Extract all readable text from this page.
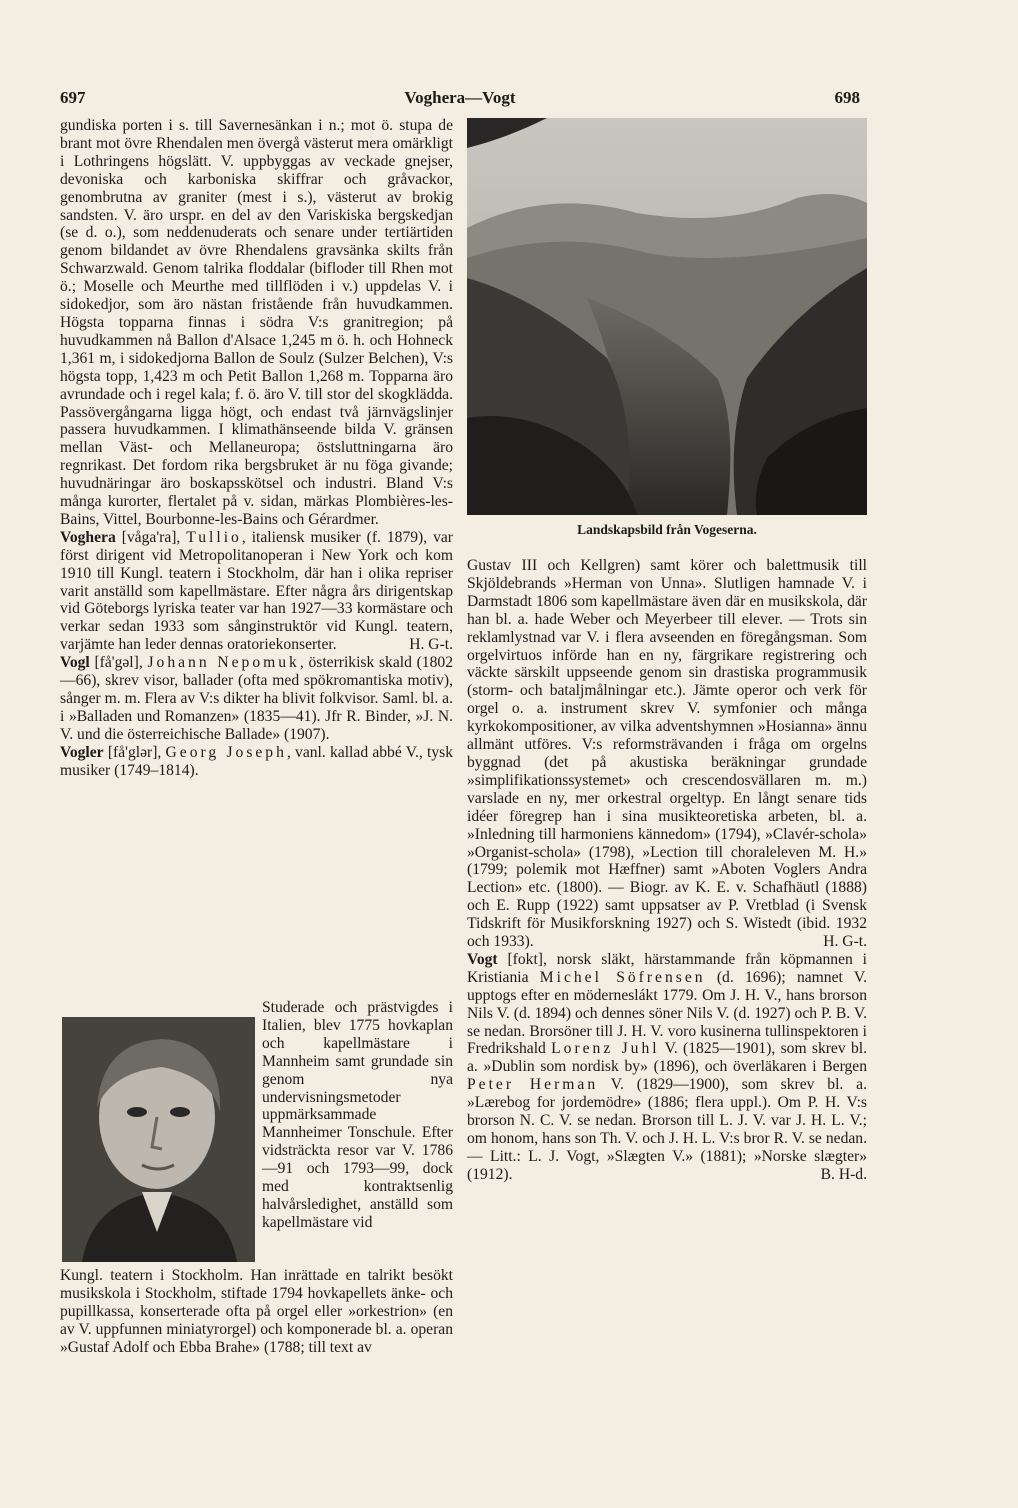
697	Voghera—Vogt	698
Landskapsbild från Vogeserna.

gundiska porten i s. till Savernesänkan i n.; mot ö. stupa de brant mot övre Rhendalen men övergå västerut mera omärkligt i Lothringens högslätt. V. uppbyggas av veckade gnejser, devoniska och karboniska skiffrar och gråvackor, genombrutna av graniter (mest i s.), västerut av brokig sandsten. V. äro urspr. en del av den Variskiska bergskedjan (se d. o.), som neddenuderats och senare under tertiärtiden genom bildandet av övre Rhendalens gravsänka skilts från Schwarzwald. Genom talrika floddalar (bifloder till Rhen mot ö.; Moselle och Meurthe med tillflöden i v.) uppdelas V. i sidokedjor, som äro nästan fristående från huvudkammen. Högsta topparna finnas i södra V:s granitregion; på huvudkammen nå Ballon d'Alsace 1,245 m ö. h. och Hohneck 1,361 m, i sidokedjorna Ballon de Soulz (Sulzer Belchen), V:s högsta topp, 1,423 m och Petit Ballon 1,268 m. Topparna äro avrundade och i regel kala; f. ö. äro V. till stor del skogklädda. Passövergångarna ligga högt, och endast två järnvägslinjer passera huvudkammen. I klimathänseende bilda V. gränsen mellan Väst- och Mellaneuropa; östsluttningarna äro regnrikast. Det fordom rika bergsbruket är nu föga givande; huvudnäringar äro boskapsskötsel och industri. Bland V:s många kurorter, flertalet på v. sidan, märkas Plombières-les-Bains, Vittel, Bourbonne-les-Bains och Gérardmer.

Voghera [våga'ra], Tullio, italiensk musiker (f. 1879), var först dirigent vid Metropolitanoperan i New York och kom 1910 till Kungl. teatern i Stockholm, där han i olika repriser varit anställd som kapellmästare. Efter några års dirigentskap vid Göteborgs lyriska teater var han 1927—33 kormästare och verkar sedan 1933 som sånginstruktör vid Kungl. teatern, varjämte han leder dennas oratoriekonserter.	H. G-t.

Vogl [få'gəl], Johann Nepomuk, österrikisk skald (1802—66), skrev visor, ballader (ofta med spökromantiska motiv), sånger m. m. Flera av V:s dikter ha blivit folkvisor. Saml. bl. a. i »Balladen und Romanzen» (1835—41). Jfr R. Binder, »J. N. V. und die österreichische Ballade» (1907).

Vogler [få'glər], Georg Joseph, vanl. kallad abbé V., tysk musiker (1749–1814).

Studerade och prästvigdes i Italien, blev 1775 hovkaplan och kapellmästare i Mannheim samt grundade sin genom nya undervisningsmetoder uppmärksammade Mannheimer Tonschule. Efter vidsträckta resor var V. 1786—91 och 1793—99, dock med kontraktsenlig halvårsledighet, anställd som kapellmästare vid
Kungl. teatern i Stockholm. Han inrättade en talrikt besökt musikskola i Stockholm, stiftade 1794 hovkapellets änke- och pupillkassa, konserterade ofta på orgel eller »orkestrion» (en av V. uppfunnen miniatyrorgel) och komponerade bl. a. operan »Gustaf Adolf och Ebba Brahe» (1788; till text av

Gustav III och Kellgren) samt körer och balettmusik till Skjöldebrands »Herman von Unna». Slutligen hamnade V. i Darmstadt 1806 som kapellmästare även där en musikskola, där han bl. a. hade Weber och Meyerbeer till elever. — Trots sin reklamlystnad var V. i flera avseenden en föregångsman. Som orgelvirtuos införde han en ny, färgrikare registrering och väckte särskilt uppseende genom sin drastiska programmusik (storm- och bataljmålningar etc.). Jämte operor och verk för orgel o. a. instrument skrev V. symfonier och många kyrkokompositioner, av vilka adventshymnen »Hosianna» ännu allmänt utföres. V:s reformsträvanden i fråga om orgelns byggnad (det på akustiska beräkningar grundade »simplifikationssystemet» och crescendosvällaren m. m.) varslade en ny, mer orkestral orgeltyp. En långt senare tids idéer föregrep han i sina musikteoretiska arbeten, bl. a. »Inledning till harmoniens kännedom» (1794), »Clavér-schola» »Organist-schola» (1798), »Lection till choraleleven M. H.» (1799; polemik mot Hæffner) samt »Aboten Voglers Andra Lection» etc. (1800). — Biogr. av K. E. v. Schafhäutl (1888) och E. Rupp (1922) samt uppsatser av P. Vretblad (i Svensk Tidskrift för Musikforskning 1927) och S. Wistedt (ibid. 1932 och 1933).	H. G-t.

Vogt [fokt], norsk släkt, härstammande från köpmannen i Kristiania Michel Söfrensen (d. 1696); namnet V. upptogs efter en möderneslákt 1779. Om J. H. V., hans brorson Nils V. (d. 1894) och dennes söner Nils V. (d. 1927) och P. B. V. se nedan. Brorsöner till J. H. V. voro kusinerna tullinspektoren i Fredrikshald Lorenz Juhl V. (1825—1901), som skrev bl. a. »Dublin som nordisk by» (1896), och överläkaren i Bergen Peter Herman V. (1829—1900), som skrev bl. a. »Lærebog for jordemödre» (1886; flera uppl.). Om P. H. V:s brorson N. C. V. se nedan. Brorson till L. J. V. var J. H. L. V.; om honom, hans son Th. V. och J. H. L. V:s bror R. V. se nedan. — Litt.: L. J. Vogt, »Slægten V.» (1881); »Norske slægter» (1912).	B. H-d.
